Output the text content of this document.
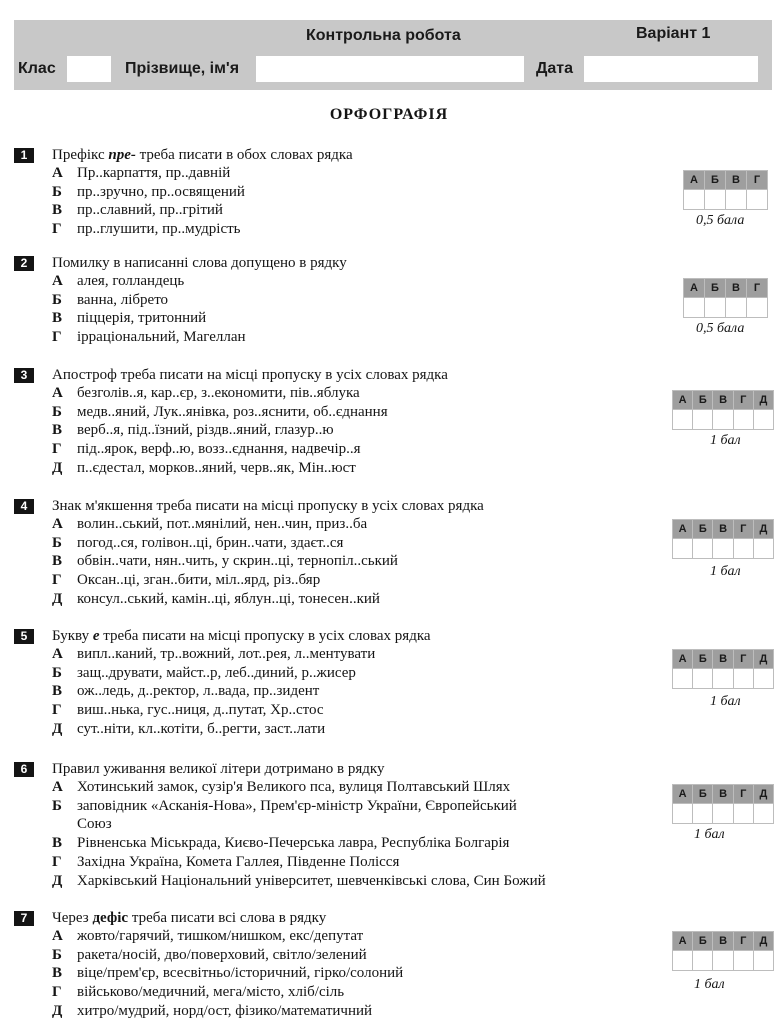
Контрольна робота	Варіант 1
Клас	Прізвище, ім'я	Дата
ОРФОГРАФІЯ
1	Префікс пре- треба писати в обох словах рядка
А Пр..карпаття, пр..давній
Б пр..зручно, пр..освящений
В пр..славний, пр..грітий
Г пр..глушити, пр..мудрість
А	Б	В	Г

0,5 бала
2	Помилку в написанні слова допущено в рядку
А алея, голландець
Б ванна, лібрето
В піццерія, тритонний
Г ірраціональний, Магеллан
А	Б	В	Г

0,5 бала
3	Апостроф треба писати на місці пропуску в усіх словах рядка
А безголів..я, кар..єр, з..економити, пів..яблука
Б медв..яний, Лук..янівка, роз..яснити, об..єднання
В верб..я, під..їзний, різдв..яний, глазур..ю
Г під..ярок, верф..ю, возз..єднання, надвечір..я
Д п..єдестал, морков..яний, черв..як, Мін..юст
А	Б	В	Г	Д

1 бал
4	Знак м'якшення треба писати на місці пропуску в усіх словах рядка
А волин..ський, пот..мянілий, нен..чин, приз..ба
Б погод..ся, голівон..ці, брин..чати, здаєт..ся
В обвін..чати, нян..чить, у скрин..ці, тернопіл..ський
Г Оксан..ці, зган..бити, міл..ярд, різ..бяр
Д консул..ський, камін..ці, яблун..ці, тонесен..кий
А	Б	В	Г	Д

1 бал
5	Букву е треба писати на місці пропуску в усіх словах рядка
А випл..каний, тр..вожний, лот..рея, л..ментувати
Б защ..друвати, майст..р, леб..диний, р..жисер
В ож..ледь, д..ректор, л..вада, пр..зидент
Г виш..нька, гус..ниця, д..путат, Хр..стос
Д сут..ніти, кл..котіти, б..регти, заст..лати
А	Б	В	Г	Д

1 бал
6	Правил уживання великої літери дотримано в рядку
А Хотинський замок, сузір'я Великого пса, вулиця Полтавський Шлях
Б заповідник «Асканія-Нова», Прем'єр-міністр України, Європейський
Союз
В Рівненська Міськрада, Києво-Печерська лавра, Республіка Болгарія
Г Західна Україна, Комета Галлея, Південне Полісся
Д Харківський Національний університет, шевченківські слова, Син Божий
А	Б	В	Г	Д

1 бал
7	Через дефіс треба писати всі слова в рядку
А жовто/гарячий, тишком/нишком, екс/депутат
Б ракета/носій, дво/поверховий, світло/зелений
В віце/прем'єр, всесвітньо/історичний, гірко/солоний
Г військово/медичний, мега/місто, хліб/сіль
Д хитро/мудрий, норд/ост, фізико/математичний
А	Б	В	Г	Д

1 бал
